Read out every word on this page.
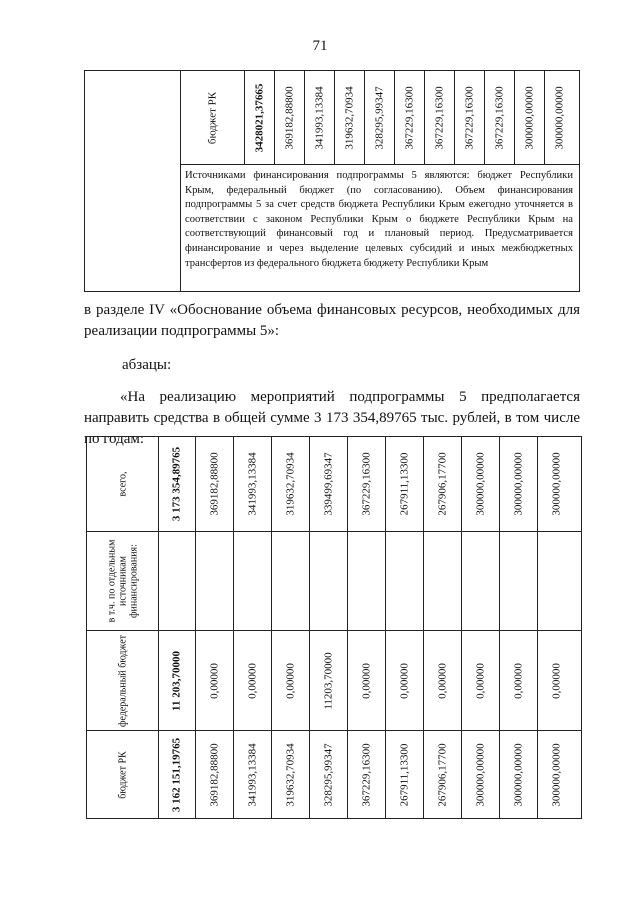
71
бюджет РК	3428021,37665 369182,88800 341993,13384 319632,70934 328295,99347 367229,16300 367229,16300 367229,16300 367229,16300 300000,00000 300000,00000
Источниками финансирования подпрограммы 5 являются: бюджет Республики Крым, федеральный бюджет (по согласованию). Объем финансирования подпрограммы 5 за счет средств бюджета Республики Крым ежегодно уточняется в соответствии с законом Республики Крым о бюджете Республики Крым на соответствующий финансовый год и плановый период. Предусматривается финансирование и через выделение целевых субсидий и иных межбюджетных трансфертов из федерального бюджета бюджету Республики Крым
в разделе IV «Обоснование объема финансовых ресурсов, необходимых для реализации подпрограммы 5»:
абзацы:
«На реализацию мероприятий подпрограммы 5 предполагается направить средства в общей сумме 3 173 354,89765 тыс. рублей, в том числе по годам:
всего,	3 173 354,89765 369182,88800 341993,13384 319632,70934 339499,69347 367229,16300 267911,13300 267906,17700 300000,00000 300000,00000 300000,00000
в т.ч. по отдельным источникам финансирования:
федеральный бюджет	11 203,70000 0,00000 0,00000 0,00000 11203,70000 0,00000 0,00000 0,00000 0,00000 0,00000 0,00000
бюджет РК	3 162 151,19765 369182,88800 341993,13384 319632,70934 328295,99347 367229,16300 267911,13300 267906,17700 300000,00000 300000,00000 300000,00000
